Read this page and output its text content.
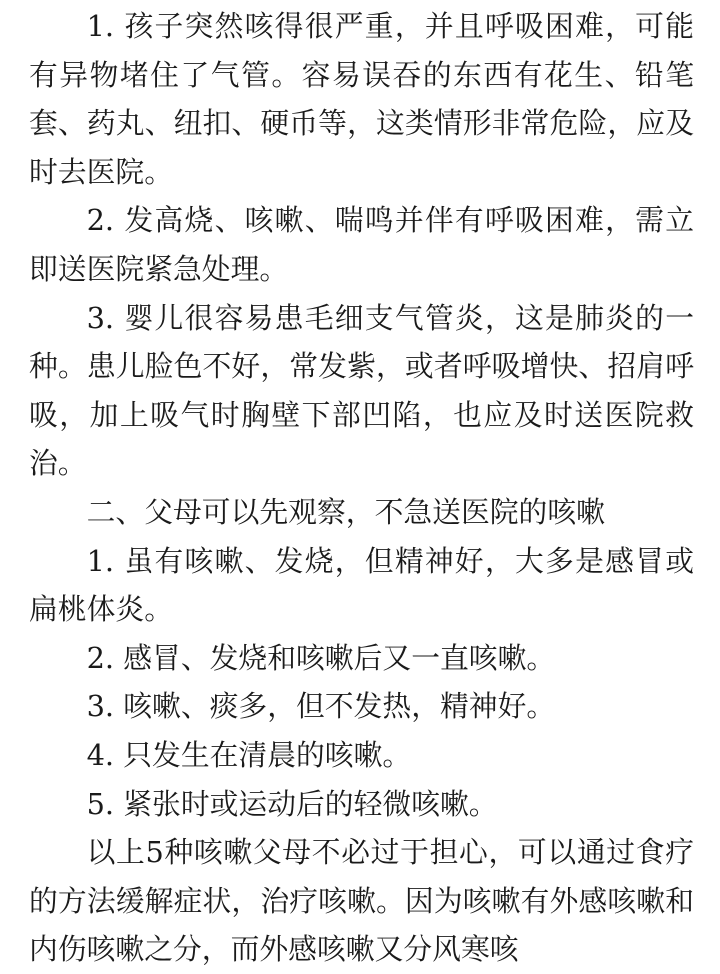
1. 孩子突然咳得很严重，并且呼吸困难，可能有异物堵住了气管。容易误吞的东西有花生、铅笔套、药丸、纽扣、硬币等，这类情形非常危险，应及时去医院。

2. 发高烧、咳嗽、喘鸣并伴有呼吸困难，需立即送医院紧急处理。

3. 婴儿很容易患毛细支气管炎，这是肺炎的一种。患儿脸色不好，常发紫，或者呼吸增快、招肩呼吸，加上吸气时胸壁下部凹陷，也应及时送医院救治。

二、父母可以先观察，不急送医院的咳嗽

1. 虽有咳嗽、发烧，但精神好，大多是感冒或扁桃体炎。

2. 感冒、发烧和咳嗽后又一直咳嗽。

3. 咳嗽、痰多，但不发热，精神好。

4. 只发生在清晨的咳嗽。

5. 紧张时或运动后的轻微咳嗽。

以上5种咳嗽父母不必过于担心，可以通过食疗的方法缓解症状，治疗咳嗽。因为咳嗽有外感咳嗽和内伤咳嗽之分，而外感咳嗽又分风寒咳
